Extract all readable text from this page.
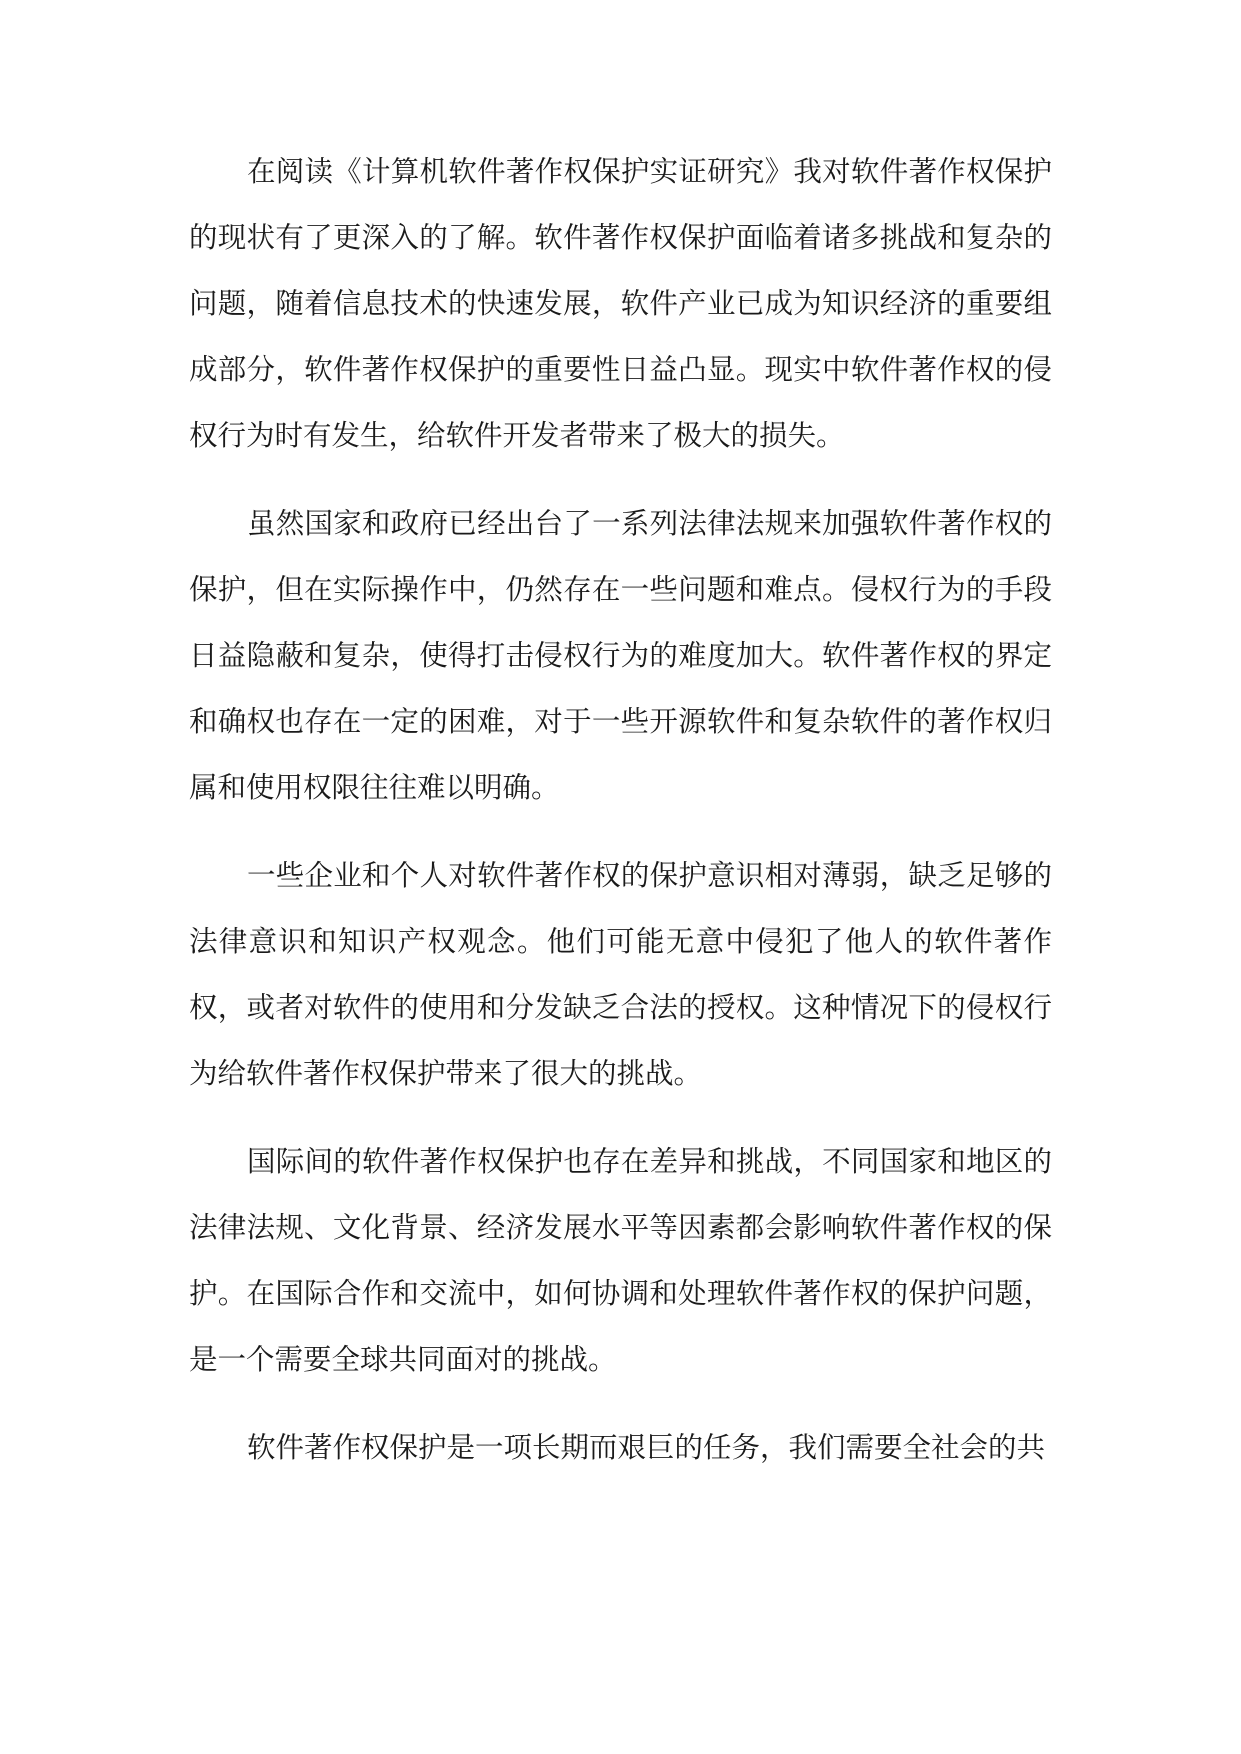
在阅读《计算机软件著作权保护实证研究》我对软件著作权保护的现状有了更深入的了解。软件著作权保护面临着诸多挑战和复杂的问题，随着信息技术的快速发展，软件产业已成为知识经济的重要组成部分，软件著作权保护的重要性日益凸显。现实中软件著作权的侵权行为时有发生，给软件开发者带来了极大的损失。

虽然国家和政府已经出台了一系列法律法规来加强软件著作权的保护，但在实际操作中，仍然存在一些问题和难点。侵权行为的手段日益隐蔽和复杂，使得打击侵权行为的难度加大。软件著作权的界定和确权也存在一定的困难，对于一些开源软件和复杂软件的著作权归属和使用权限往往难以明确。

一些企业和个人对软件著作权的保护意识相对薄弱，缺乏足够的法律意识和知识产权观念。他们可能无意中侵犯了他人的软件著作权，或者对软件的使用和分发缺乏合法的授权。这种情况下的侵权行为给软件著作权保护带来了很大的挑战。

国际间的软件著作权保护也存在差异和挑战，不同国家和地区的法律法规、文化背景、经济发展水平等因素都会影响软件著作权的保护。在国际合作和交流中，如何协调和处理软件著作权的保护问题，是一个需要全球共同面对的挑战。

软件著作权保护是一项长期而艰巨的任务，我们需要全社会的共
